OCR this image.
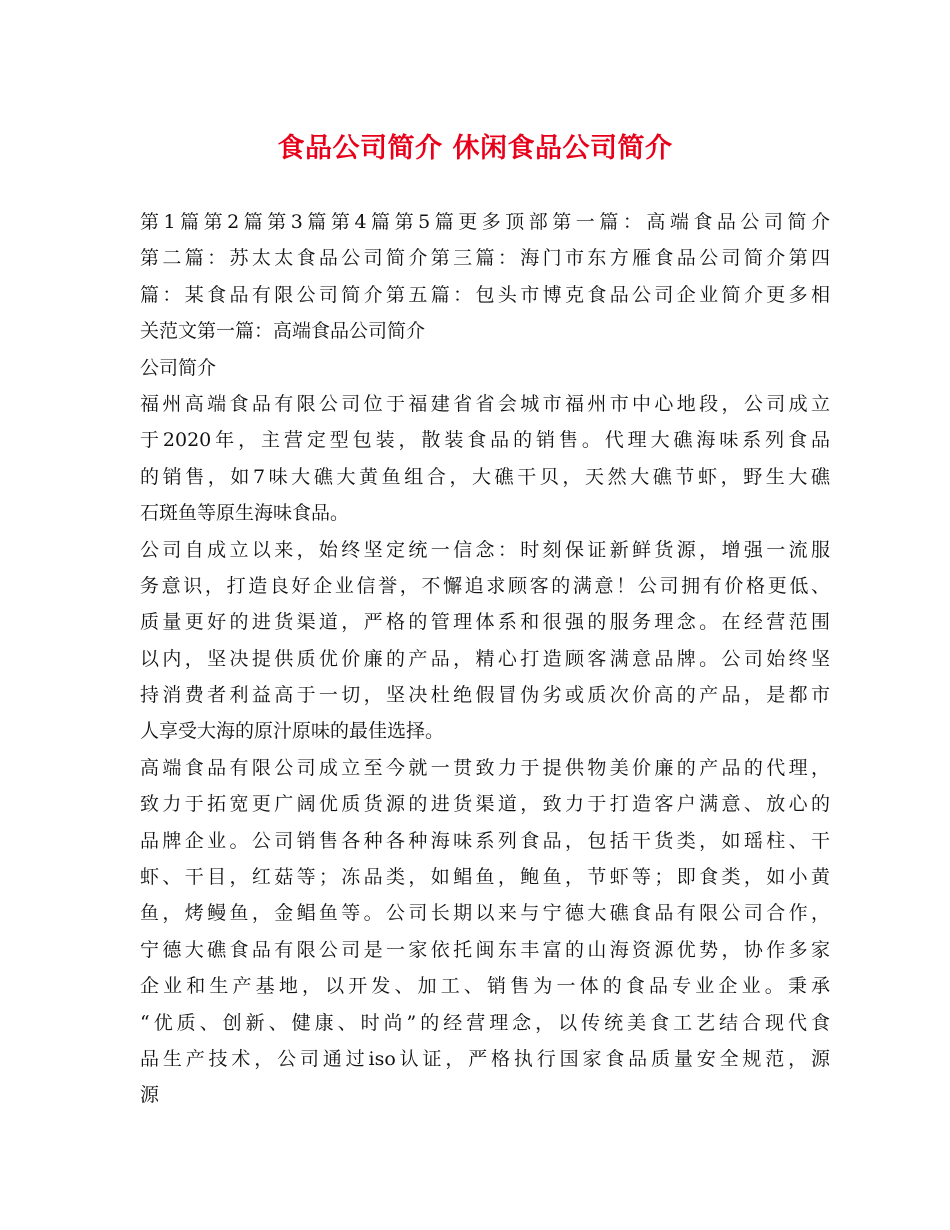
食品公司简介 休闲食品公司简介
第1篇第2篇第3篇第4篇第5篇更多顶部第一篇：高端食品公司简介
第二篇：苏太太食品公司简介第三篇：海门市东方雁食品公司简介第四
篇：某食品有限公司简介第五篇：包头市博克食品公司企业简介更多相
关范文第一篇：高端食品公司简介
公司简介
福州高端食品有限公司位于福建省省会城市福州市中心地段，公司成立
于2020年，主营定型包装，散装食品的销售。代理大礁海味系列食品
的销售，如7味大礁大黄鱼组合，大礁干贝，天然大礁节虾，野生大礁
石斑鱼等原生海味食品。
公司自成立以来，始终坚定统一信念：时刻保证新鲜货源，增强一流服
务意识，打造良好企业信誉，不懈追求顾客的满意！公司拥有价格更低、
质量更好的进货渠道，严格的管理体系和很强的服务理念。在经营范围
以内，坚决提供质优价廉的产品，精心打造顾客满意品牌。公司始终坚
持消费者利益高于一切，坚决杜绝假冒伪劣或质次价高的产品，是都市
人享受大海的原汁原味的最佳选择。
高端食品有限公司成立至今就一贯致力于提供物美价廉的产品的代理，
致力于拓宽更广阔优质货源的进货渠道，致力于打造客户满意、放心的
品牌企业。公司销售各种各种海味系列食品，包括干货类，如瑶柱、干
虾、干目，红菇等；冻品类，如鲳鱼，鲍鱼，节虾等；即食类，如小黄
鱼，烤鳗鱼，金鲳鱼等。公司长期以来与宁德大礁食品有限公司合作，
宁德大礁食品有限公司是一家依托闽东丰富的山海资源优势，协作多家
企业和生产基地，以开发、加工、销售为一体的食品专业企业。秉承
“优质、创新、健康、时尚”的经营理念，以传统美食工艺结合现代食
品生产技术，公司通过iso认证，严格执行国家食品质量安全规范，源
源
